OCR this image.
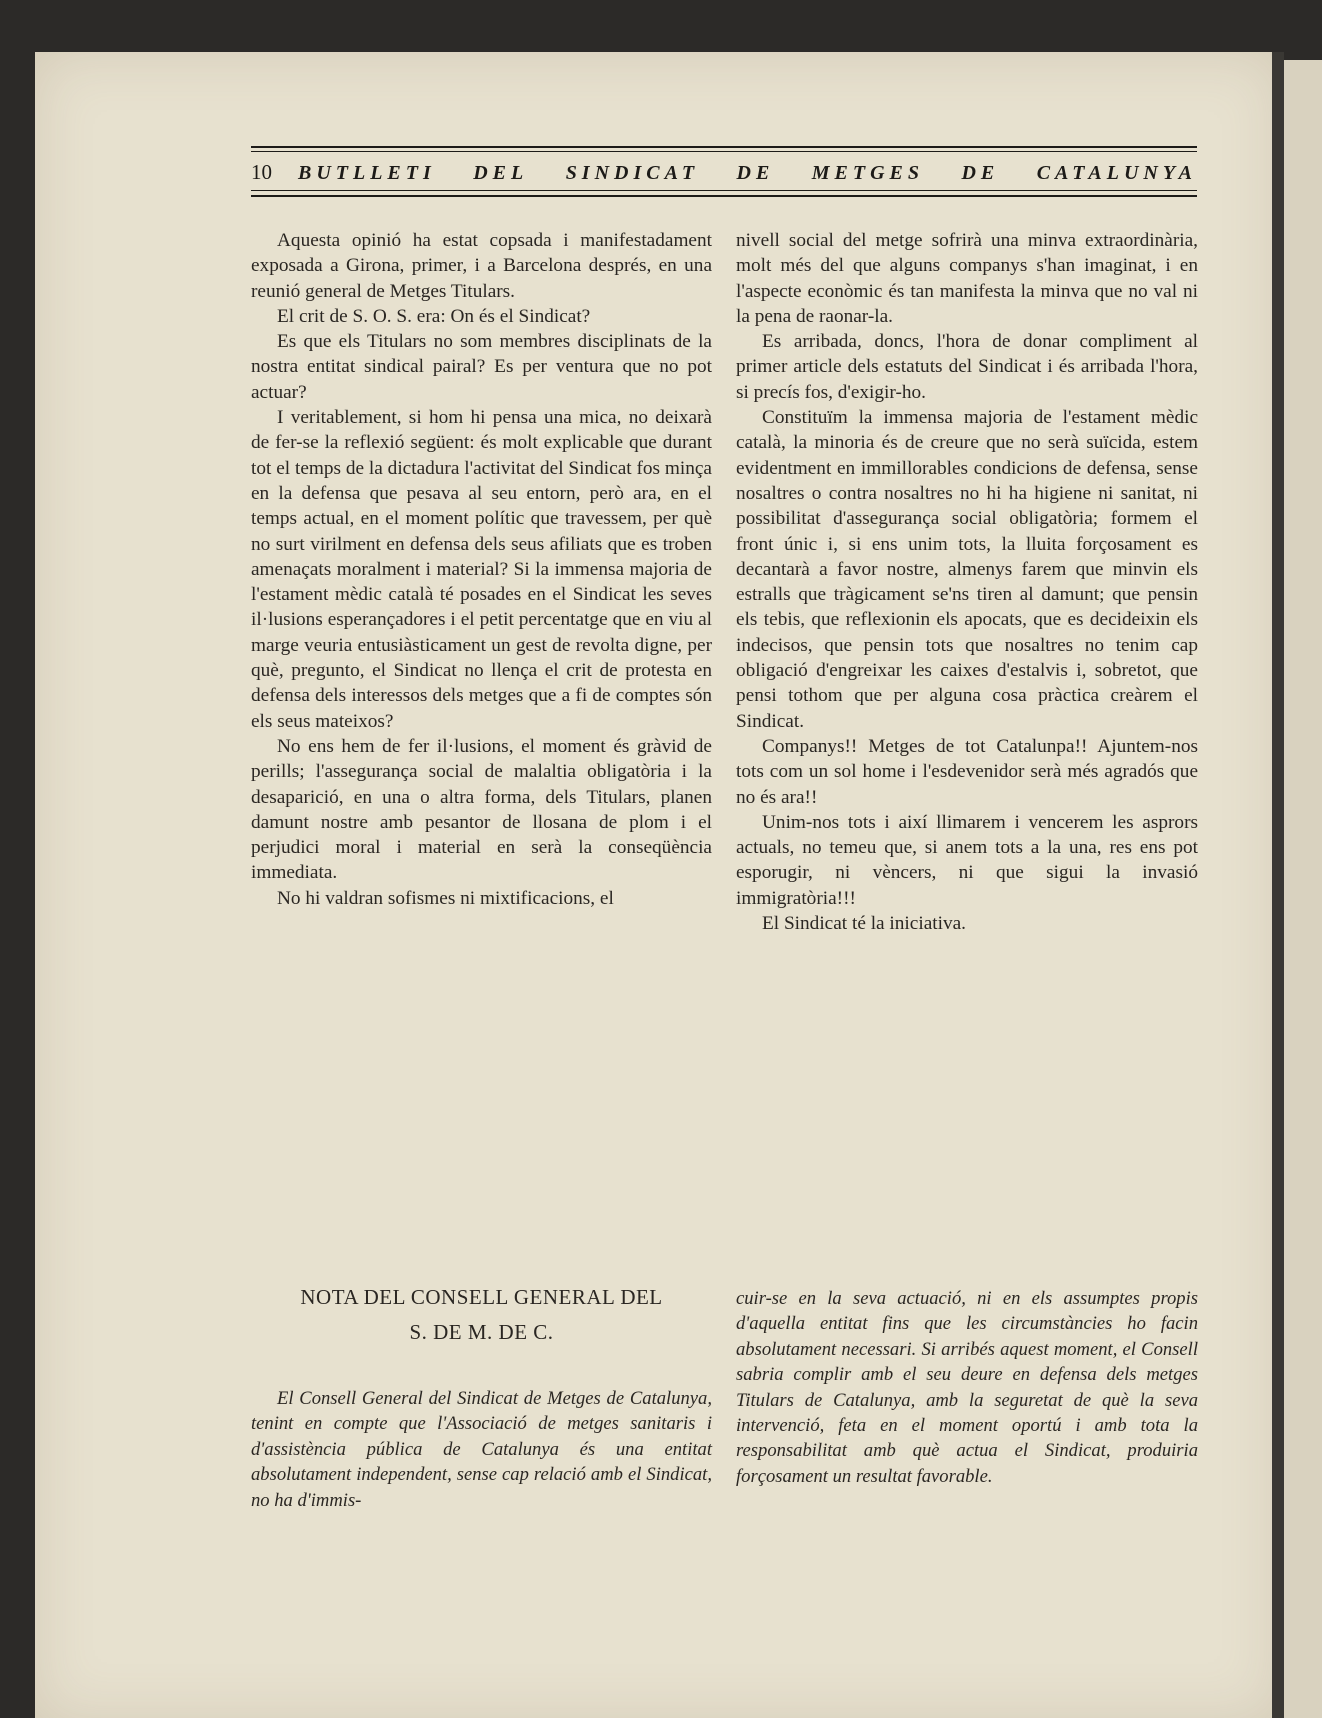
10 BUTLLETI DEL SINDICAT DE METGES DE CATALUNYA

Aquesta opinió ha estat copsada i manifestadament exposada a Girona, primer, i a Barcelona després, en una reunió general de Metges Titulars.

El crit de S. O. S. era: On és el Sindicat?

Es que els Titulars no som membres disciplinats de la nostra entitat sindical pairal? Es per ventura que no pot actuar?

I veritablement, si hom hi pensa una mica, no deixarà de fer-se la reflexió següent: és molt explicable que durant tot el temps de la dictadura l'activitat del Sindicat fos minça en la defensa que pesava al seu entorn, però ara, en el temps actual, en el moment polític que travessem, per què no surt virilment en defensa dels seus afiliats que es troben amenaçats moralment i material? Si la immensa majoria de l'estament mèdic català té posades en el Sindicat les seves il·lusions esperançadores i el petit percentatge que en viu al marge veuria entusiàsticament un gest de revolta digne, per què, pregunto, el Sindicat no llença el crit de protesta en defensa dels interessos dels metges que a fi de comptes són els seus mateixos?

No ens hem de fer il·lusions, el moment és gràvid de perills; l'assegurança social de malaltia obligatòria i la desaparició, en una o altra forma, dels Titulars, planen damunt nostre amb pesantor de llosana de plom i el perjudici moral i material en serà la conseqüència immediata.

No hi valdran sofismes ni mixtificacions, el

nivell social del metge sofrirà una minva extraordinària, molt més del que alguns companys s'han imaginat, i en l'aspecte econòmic és tan manifesta la minva que no val ni la pena de raonar-la.

Es arribada, doncs, l'hora de donar compliment al primer article dels estatuts del Sindicat i és arribada l'hora, si precís fos, d'exigir-ho.

Constituïm la immensa majoria de l'estament mèdic català, la minoria és de creure que no serà suïcida, estem evidentment en immillorables condicions de defensa, sense nosaltres o contra nosaltres no hi ha higiene ni sanitat, ni possibilitat d'assegurança social obligatòria; formem el front únic i, si ens unim tots, la lluita forçosament es decantarà a favor nostre, almenys farem que minvin els estralls que tràgicament se'ns tiren al damunt; que pensin els tebis, que reflexionin els apocats, que es decideixin els indecisos, que pensin tots que nosaltres no tenim cap obligació d'engreixar les caixes d'estalvis i, sobretot, que pensi tothom que per alguna cosa pràctica creàrem el Sindicat.

Companys!! Metges de tot Catalunpa!! Ajuntem-nos tots com un sol home i l'esdevenidor serà més agradós que no és ara!!

Unim-nos tots i així llimarem i vencerem les asprors actuals, no temeu que, si anem tots a la una, res ens pot esporugir, ni vèncers, ni que sigui la invasió immigratòria!!!

El Sindicat té la iniciativa.

NOTA DEL CONSELL GENERAL DEL
S. DE M. DE C.

El Consell General del Sindicat de Metges de Catalunya, tenint en compte que l'Associació de metges sanitaris i d'assistència pública de Catalunya és una entitat absolutament independent, sense cap relació amb el Sindicat, no ha d'immis-

cuir-se en la seva actuació, ni en els assumptes propis d'aquella entitat fins que les circumstàncies ho facin absolutament necessari. Si arribés aquest moment, el Consell sabria complir amb el seu deure en defensa dels metges Titulars de Catalunya, amb la seguretat de què la seva intervenció, feta en el moment oportú i amb tota la responsabilitat amb què actua el Sindicat, produiria forçosament un resultat favorable.
